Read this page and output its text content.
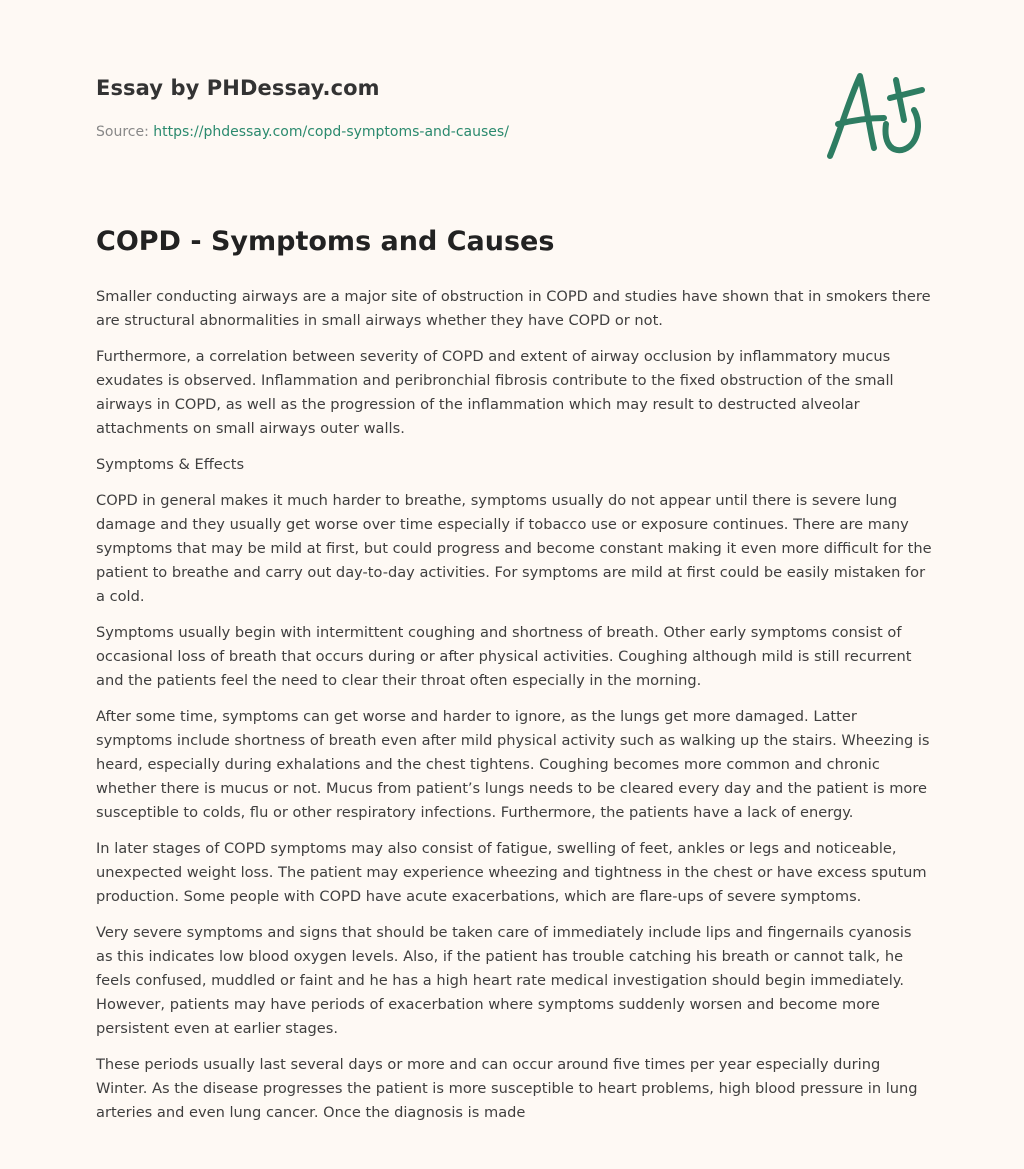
Essay by PHDessay.com
Source: https://phdessay.com/copd-symptoms-and-causes/
COPD - Symptoms and Causes

Smaller conducting airways are a major site of obstruction in COPD and studies have shown that in smokers there are structural abnormalities in small airways whether they have COPD or not.

Furthermore, a correlation between severity of COPD and extent of airway occlusion by inflammatory mucus exudates is observed. Inflammation and peribronchial fibrosis contribute to the fixed obstruction of the small airways in COPD, as well as the progression of the inflammation which may result to destructed alveolar attachments on small airways outer walls.

Symptoms & Effects

COPD in general makes it much harder to breathe, symptoms usually do not appear until there is severe lung damage and they usually get worse over time especially if tobacco use or exposure continues. There are many symptoms that may be mild at first, but could progress and become constant making it even more difficult for the patient to breathe and carry out day-to-day activities. For symptoms are mild at first could be easily mistaken for a cold.

Symptoms usually begin with intermittent coughing and shortness of breath. Other early symptoms consist of occasional loss of breath that occurs during or after physical activities. Coughing although mild is still recurrent and the patients feel the need to clear their throat often especially in the morning.

After some time, symptoms can get worse and harder to ignore, as the lungs get more damaged. Latter symptoms include shortness of breath even after mild physical activity such as walking up the stairs. Wheezing is heard, especially during exhalations and the chest tightens. Coughing becomes more common and chronic whether there is mucus or not. Mucus from patient’s lungs needs to be cleared every day and the patient is more susceptible to colds, flu or other respiratory infections. Furthermore, the patients have a lack of energy.

In later stages of COPD symptoms may also consist of fatigue, swelling of feet, ankles or legs and noticeable, unexpected weight loss. The patient may experience wheezing and tightness in the chest or have excess sputum production. Some people with COPD have acute exacerbations, which are flare-ups of severe symptoms.

Very severe symptoms and signs that should be taken care of immediately include lips and fingernails cyanosis as this indicates low blood oxygen levels. Also, if the patient has trouble catching his breath or cannot talk, he feels confused, muddled or faint and he has a high heart rate medical investigation should begin immediately. However, patients may have periods of exacerbation where symptoms suddenly worsen and become more persistent even at earlier stages.

These periods usually last several days or more and can occur around five times per year especially during Winter. As the disease progresses the patient is more susceptible to heart problems, high blood pressure in lung arteries and even lung cancer. Once the diagnosis is made
